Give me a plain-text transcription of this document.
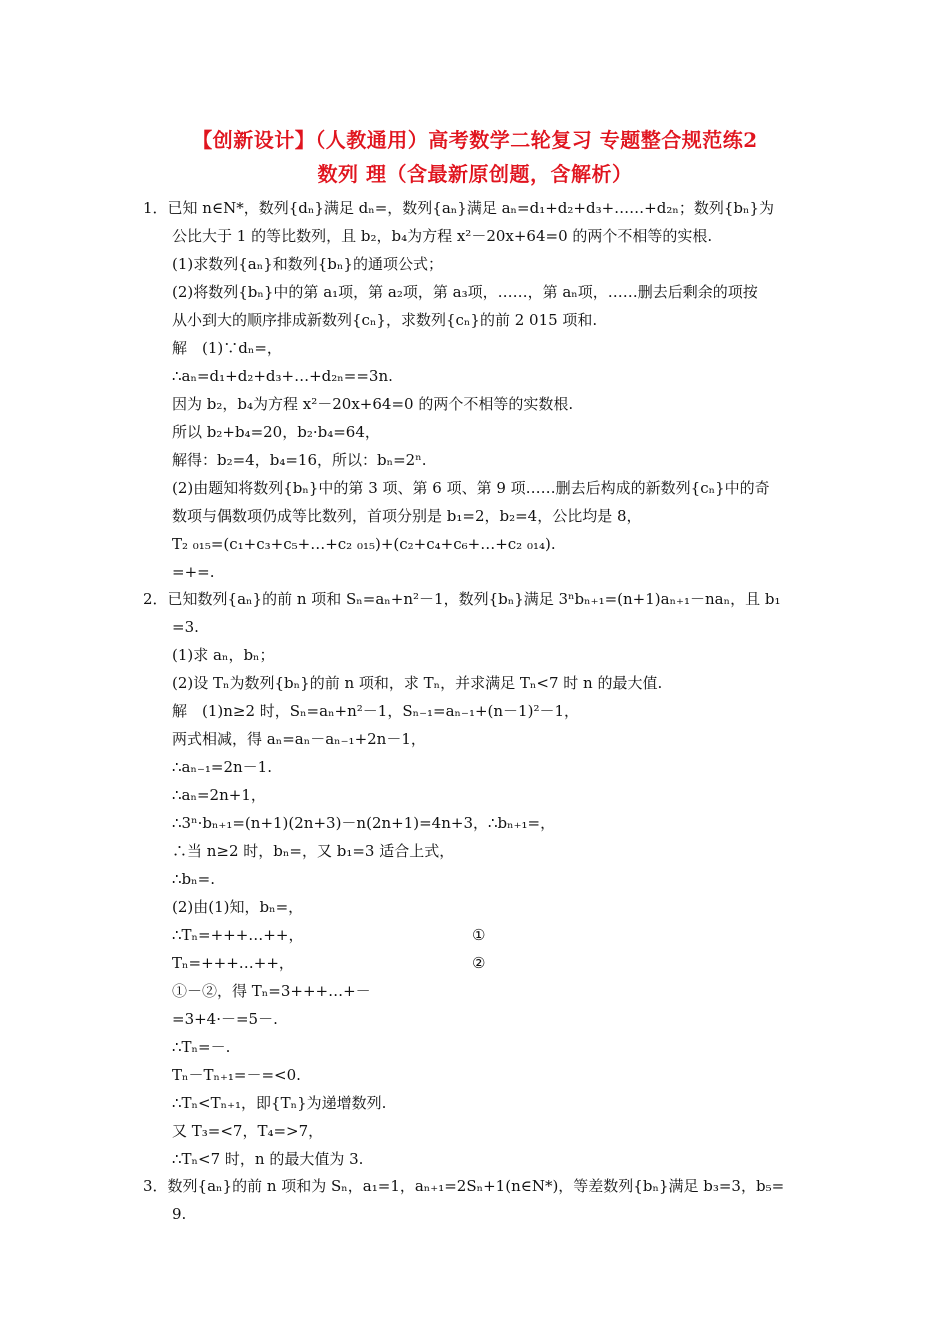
【创新设计】（人教通用）高考数学二轮复习 专题整合规范练2
数列 理（含最新原创题，含解析）
1．已知 n∈N*，数列{dₙ}满足 dₙ=，数列{aₙ}满足 aₙ=d₁+d₂+d₃+……+d₂ₙ；数列{bₙ}为
公比大于 1 的等比数列，且 b₂，b₄为方程 x²－20x+64=0 的两个不相等的实根.
(1)求数列{aₙ}和数列{bₙ}的通项公式；
(2)将数列{bₙ}中的第 a₁项，第 a₂项，第 a₃项，……，第 aₙ项，……删去后剩余的项按
从小到大的顺序排成新数列{cₙ}，求数列{cₙ}的前 2 015 项和.
解　(1)∵dₙ=，
∴aₙ=d₁+d₂+d₃+…+d₂ₙ==3n.
因为 b₂，b₄为方程 x²－20x+64=0 的两个不相等的实数根.
所以 b₂+b₄=20，b₂·b₄=64，
解得：b₂=4，b₄=16，所以：bₙ=2ⁿ.
(2)由题知将数列{bₙ}中的第 3 项、第 6 项、第 9 项……删去后构成的新数列{cₙ}中的奇
数项与偶数项仍成等比数列，首项分别是 b₁=2，b₂=4，公比均是 8，
T₂ ₀₁₅=(c₁+c₃+c₅+…+c₂ ₀₁₅)+(c₂+c₄+c₆+…+c₂ ₀₁₄).
=+=.
2．已知数列{aₙ}的前 n 项和 Sₙ=aₙ+n²－1，数列{bₙ}满足 3ⁿbₙ₊₁=(n+1)aₙ₊₁－naₙ，且 b₁
=3.
(1)求 aₙ，bₙ；
(2)设 Tₙ为数列{bₙ}的前 n 项和，求 Tₙ，并求满足 Tₙ<7 时 n 的最大值.
解　(1)n≥2 时，Sₙ=aₙ+n²－1，Sₙ₋₁=aₙ₋₁+(n－1)²－1，
两式相减，得 aₙ=aₙ－aₙ₋₁+2n－1，
∴aₙ₋₁=2n－1.
∴aₙ=2n+1，
∴3ⁿ·bₙ₊₁=(n+1)(2n+3)－n(2n+1)=4n+3，∴bₙ₊₁=，
∴当 n≥2 时，bₙ=，又 b₁=3 适合上式，
∴bₙ=.
(2)由(1)知，bₙ=，
∴Tₙ=+++…++，	①
Tₙ=+++…++，	②
①－②，得 Tₙ=3+++…+－
=3+4·－=5－.
∴Tₙ=－.
Tₙ－Tₙ₊₁=－=<0.
∴Tₙ<Tₙ₊₁，即{Tₙ}为递增数列.
又 T₃=<7，T₄=>7，
∴Tₙ<7 时，n 的最大值为 3.
3．数列{aₙ}的前 n 项和为 Sₙ，a₁=1，aₙ₊₁=2Sₙ+1(n∈N*)，等差数列{bₙ}满足 b₃=3，b₅=
9.
